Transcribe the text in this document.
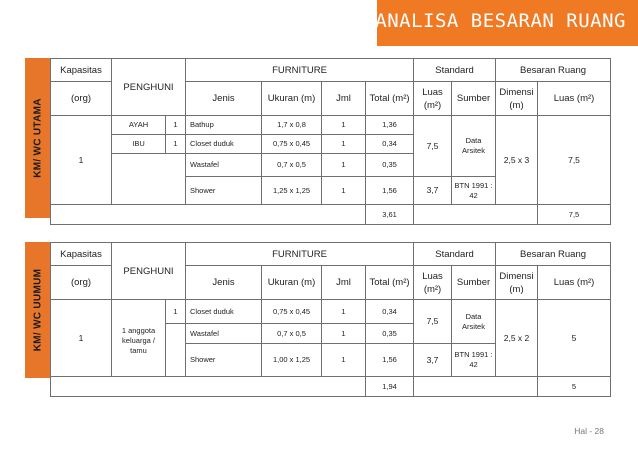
ANALISA BESARAN RUANG
KM/ WC UTAMA
Kapasitas	PENGHUNI		FURNITURE				Standard		Besaran Ruang	
(org)			Jenis	Ukuran (m)	Jml	Total (m²)	Luas (m²)	Sumber	Dimensi (m)	Luas (m²)
1	AYAH	1	Bathup	1,7 x 0,8	1	1,36	7,5	Data Arsitek	2,5 x 3	7,5
	IBU	1	Closet duduk	0,75 x 0,45	1	0,34				
			Wastafel	0,7 x 0,5	1	0,35				
			Shower	1,25 x 1,25	1	1,56	3,7	BTN 1991 : 42		
						3,61				7,5
KM/ WC UUMUM
Kapasitas	PENGHUNI		FURNITURE				Standard		Besaran Ruang	
(org)			Jenis	Ukuran (m)	Jml	Total (m²)	Luas (m²)	Sumber	Dimensi (m)	Luas (m²)
1		1	Closet duduk	0,75 x 0,45	1	0,34	7,5	Data Arsitek	2,5 x 2	5
	1 anggota keluarga / tamu		Wastafel	0,7 x 0,5	1	0,35				
			Shower	1,00 x 1,25	1	1,56	3,7	BTN 1991 : 42		
						1,94				5
Hal - 28
